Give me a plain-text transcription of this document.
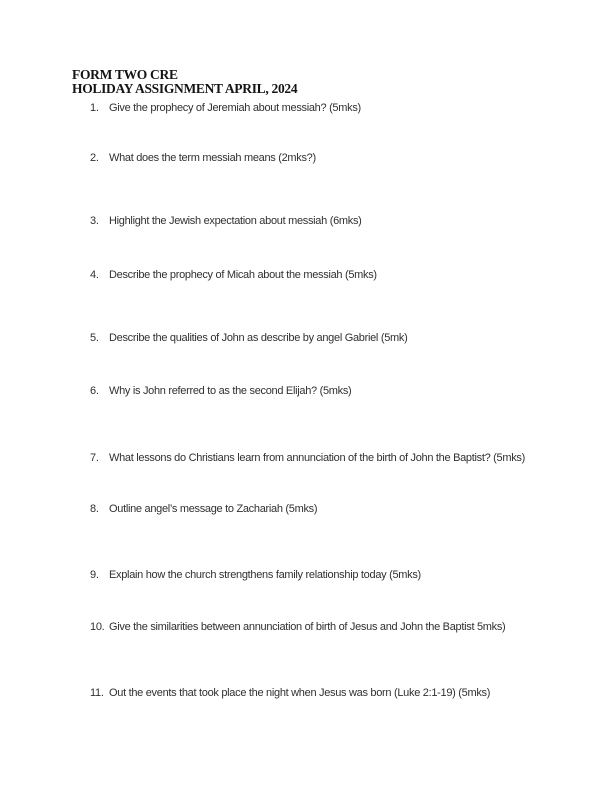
FORM TWO CRE
HOLIDAY ASSIGNMENT APRIL, 2024
1. Give the prophecy of Jeremiah about messiah? (5mks)
2. What does the term messiah means (2mks?)
3. Highlight the Jewish expectation about messiah (6mks)
4. Describe the prophecy of Micah about the messiah (5mks)
5. Describe the qualities of John as describe by angel Gabriel (5mk)
6. Why is John referred to as the second Elijah? (5mks)
7. What lessons do Christians learn from annunciation of the birth of John the Baptist? (5mks)
8. Outline angel’s message to Zachariah (5mks)
9. Explain how the church strengthens family relationship today (5mks)
10. Give the similarities between annunciation of birth of Jesus and John the Baptist 5mks)
11. Out the events that took place the night when Jesus was born (Luke 2:1-19) (5mks)
